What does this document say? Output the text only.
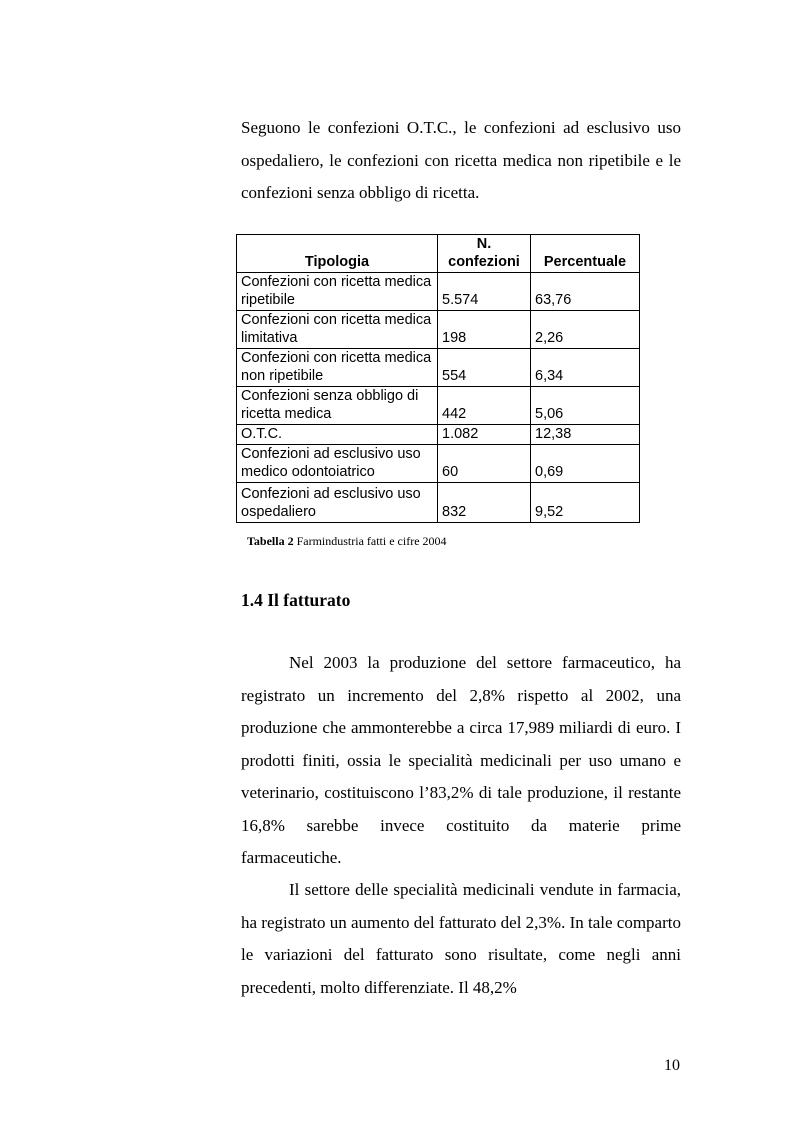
Seguono le confezioni O.T.C., le confezioni ad esclusivo uso ospedaliero, le confezioni con ricetta medica non ripetibile e le confezioni senza obbligo di ricetta.

Tipologia	N. confezioni	Percentuale
Confezioni con ricetta medica ripetibile	5.574	63,76
Confezioni con ricetta medica limitativa	198	2,26
Confezioni con ricetta medica non ripetibile	554	6,34
Confezioni senza obbligo di ricetta medica	442	5,06
O.T.C.	1.082	12,38
Confezioni ad esclusivo uso medico odontoiatrico	60	0,69
Confezioni ad esclusivo uso ospedaliero	832	9,52
Tabella 2 Farmindustria fatti e cifre 2004
1.4 Il fatturato

Nel 2003 la produzione del settore farmaceutico, ha registrato un incremento del 2,8% rispetto al 2002, una produzione che ammonterebbe a circa 17,989 miliardi di euro. I prodotti finiti, ossia le specialità medicinali per uso umano e veterinario, costituiscono l’83,2% di tale produzione, il restante 16,8% sarebbe invece costituito da materie prime farmaceutiche.

Il settore delle specialità medicinali vendute in farmacia, ha registrato un aumento del fatturato del 2,3%. In tale comparto le variazioni del fatturato sono risultate, come negli anni precedenti, molto differenziate. Il 48,2%

10
